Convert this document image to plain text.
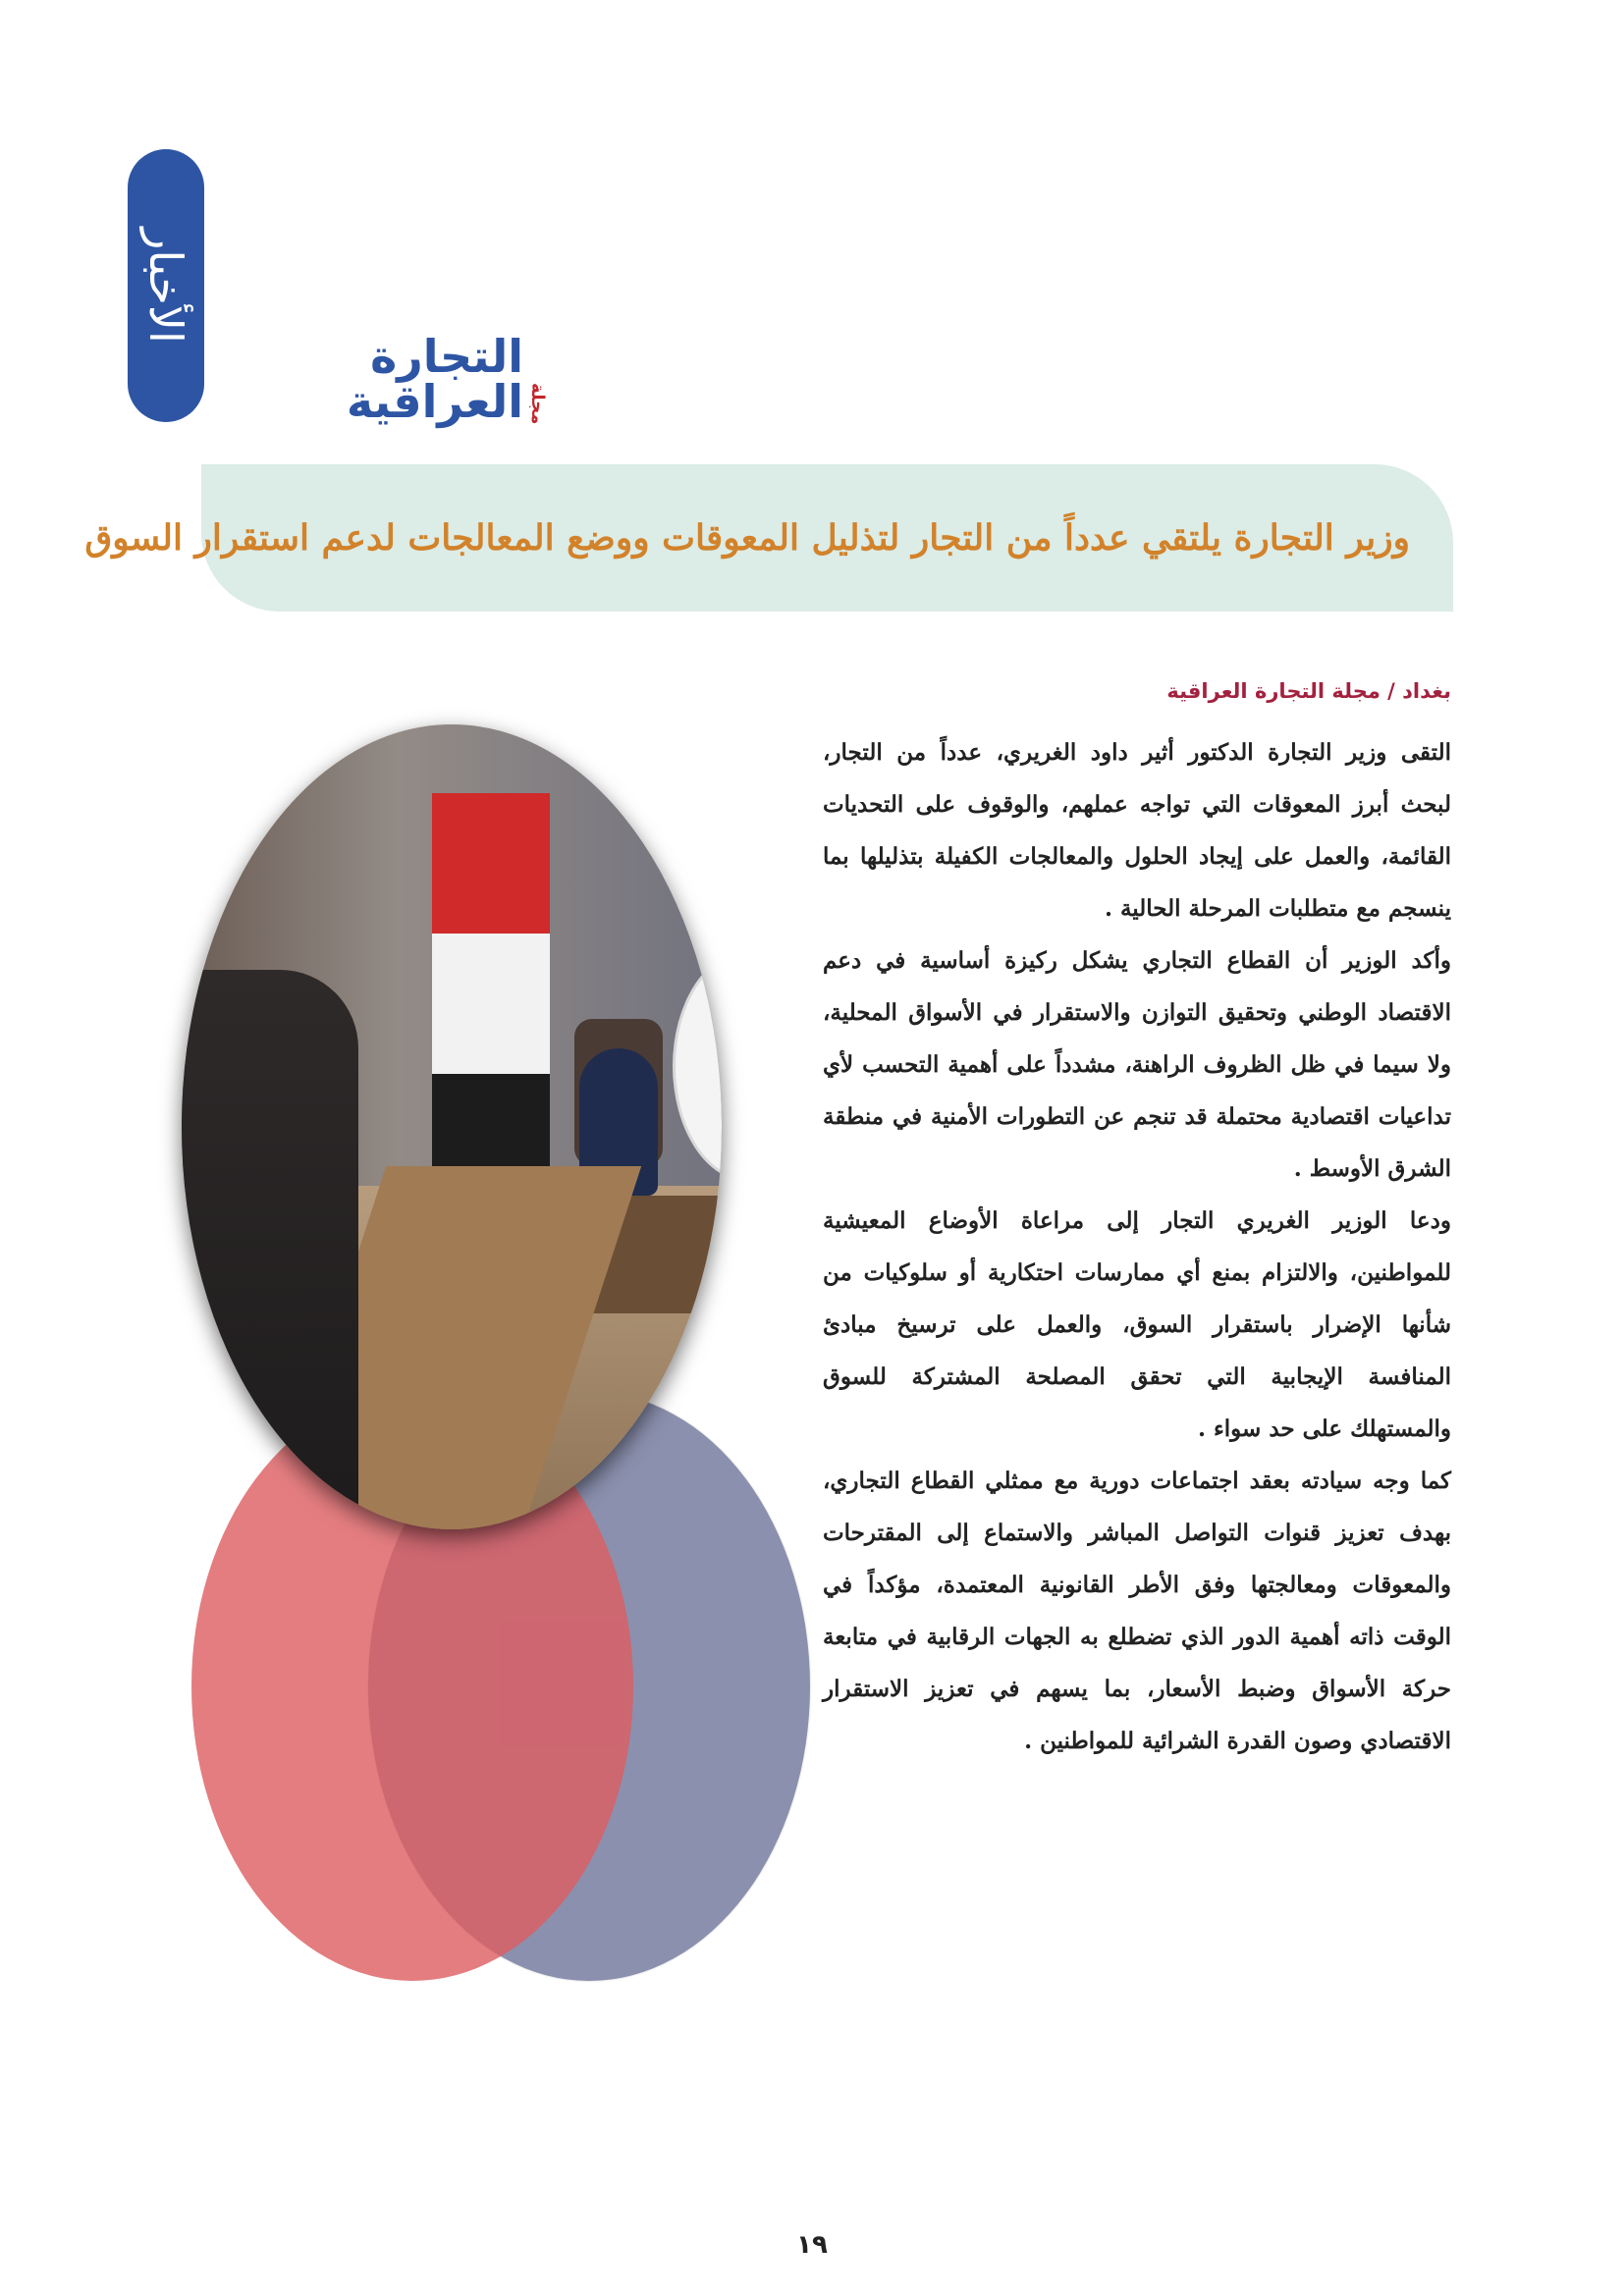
الأخبار
مجلة
التجارة العراقية
وزير التجارة يلتقي عدداً من التجار لتذليل المعوقات ووضع المعالجات لدعم استقرار السوق
بغداد / مجلة التجارة العراقية

التقى وزير التجارة الدكتور أثير داود الغريري، عدداً من التجار، لبحث أبرز المعوقات التي تواجه عملهم، والوقوف على التحديات القائمة، والعمل على إيجاد الحلول والمعالجات الكفيلة بتذليلها بما ينسجم مع متطلبات المرحلة الحالية .

وأكد الوزير أن القطاع التجاري يشكل ركيزة أساسية في دعم الاقتصاد الوطني وتحقيق التوازن والاستقرار في الأسواق المحلية، ولا سيما في ظل الظروف الراهنة، مشدداً على أهمية التحسب لأي تداعيات اقتصادية محتملة قد تنجم عن التطورات الأمنية في منطقة الشرق الأوسط .

ودعا الوزير الغريري التجار إلى مراعاة الأوضاع المعيشية للمواطنين، والالتزام بمنع أي ممارسات احتكارية أو سلوكيات من شأنها الإضرار باستقرار السوق، والعمل على ترسيخ مبادئ المنافسة الإيجابية التي تحقق المصلحة المشتركة للسوق والمستهلك على حد سواء .

كما وجه سيادته بعقد اجتماعات دورية مع ممثلي القطاع التجاري، بهدف تعزيز قنوات التواصل المباشر والاستماع إلى المقترحات والمعوقات ومعالجتها وفق الأطر القانونية المعتمدة، مؤكداً في الوقت ذاته أهمية الدور الذي تضطلع به الجهات الرقابية في متابعة حركة الأسواق وضبط الأسعار، بما يسهم في تعزيز الاستقرار الاقتصادي وصون القدرة الشرائية للمواطنين .

١٩
